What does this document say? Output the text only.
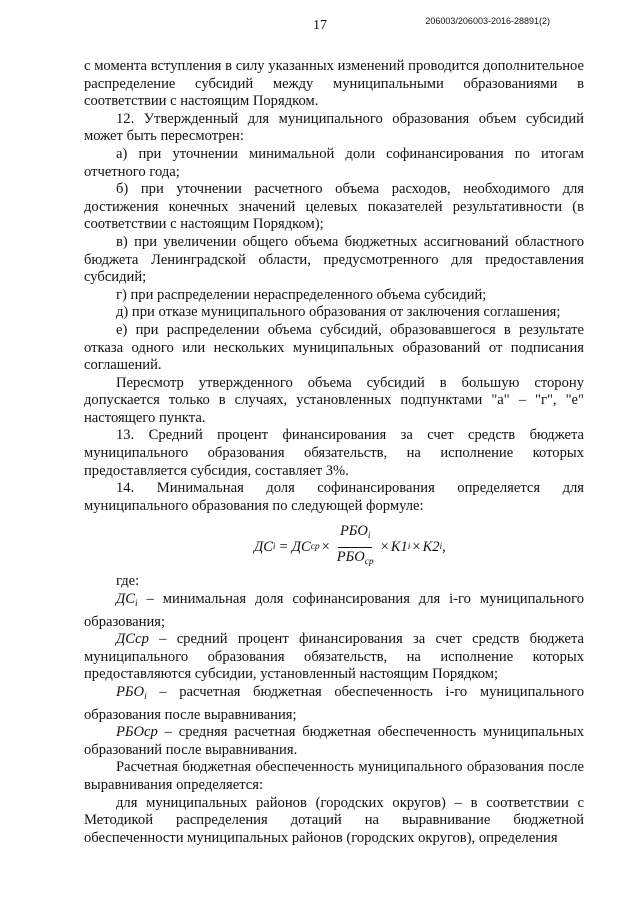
17	206003/206003-2016-28891(2)

с момента вступления в силу указанных изменений проводится дополнительное распределение субсидий между муниципальными образованиями в соответствии с настоящим Порядком.

12. Утвержденный для муниципального образования объем субсидий может быть пересмотрен:

а) при уточнении минимальной доли софинансирования по итогам отчетного года;

б) при уточнении расчетного объема расходов, необходимого для достижения конечных значений целевых показателей результативности (в соответствии с настоящим Порядком);

в) при увеличении общего объема бюджетных ассигнований областного бюджета Ленинградской области, предусмотренного для предоставления субсидий;

г) при распределении нераспределенного объема субсидий;

д) при отказе муниципального образования от заключения соглашения;

е) при распределении объема субсидий, образовавшегося в результате отказа одного или нескольких муниципальных образований от подписания соглашений.

Пересмотр утвержденного объема субсидий в большую сторону допускается только в случаях, установленных подпунктами "а" – "г", "е" настоящего пункта.

13. Средний процент финансирования за счет средств бюджета муниципального образования обязательств, на исполнение которых предоставляется субсидия, составляет 3%.

14. Минимальная доля софинансирования определяется для муниципального образования по следующей формуле:

ДС i = ДС ср × $\frac{РБО_i}{РБО_{ср}} \times K1$ i × K2 i ,

где:

$ДС_i$ – минимальная доля софинансирования для i-го муниципального образования;

ДСср – средний процент финансирования за счет средств бюджета муниципального образования обязательств, на исполнение которых предоставляются субсидии, установленный настоящим Порядком;

$РБО_i$ – расчетная бюджетная обеспеченность i-го муниципального образования после выравнивания;

РБОср – средняя расчетная бюджетная обеспеченность муниципальных образований после выравнивания.

Расчетная бюджетная обеспеченность муниципального образования после выравнивания определяется:

для муниципальных районов (городских округов) – в соответствии с Методикой распределения дотаций на выравнивание бюджетной обеспеченности муниципальных районов (городских округов), определения
